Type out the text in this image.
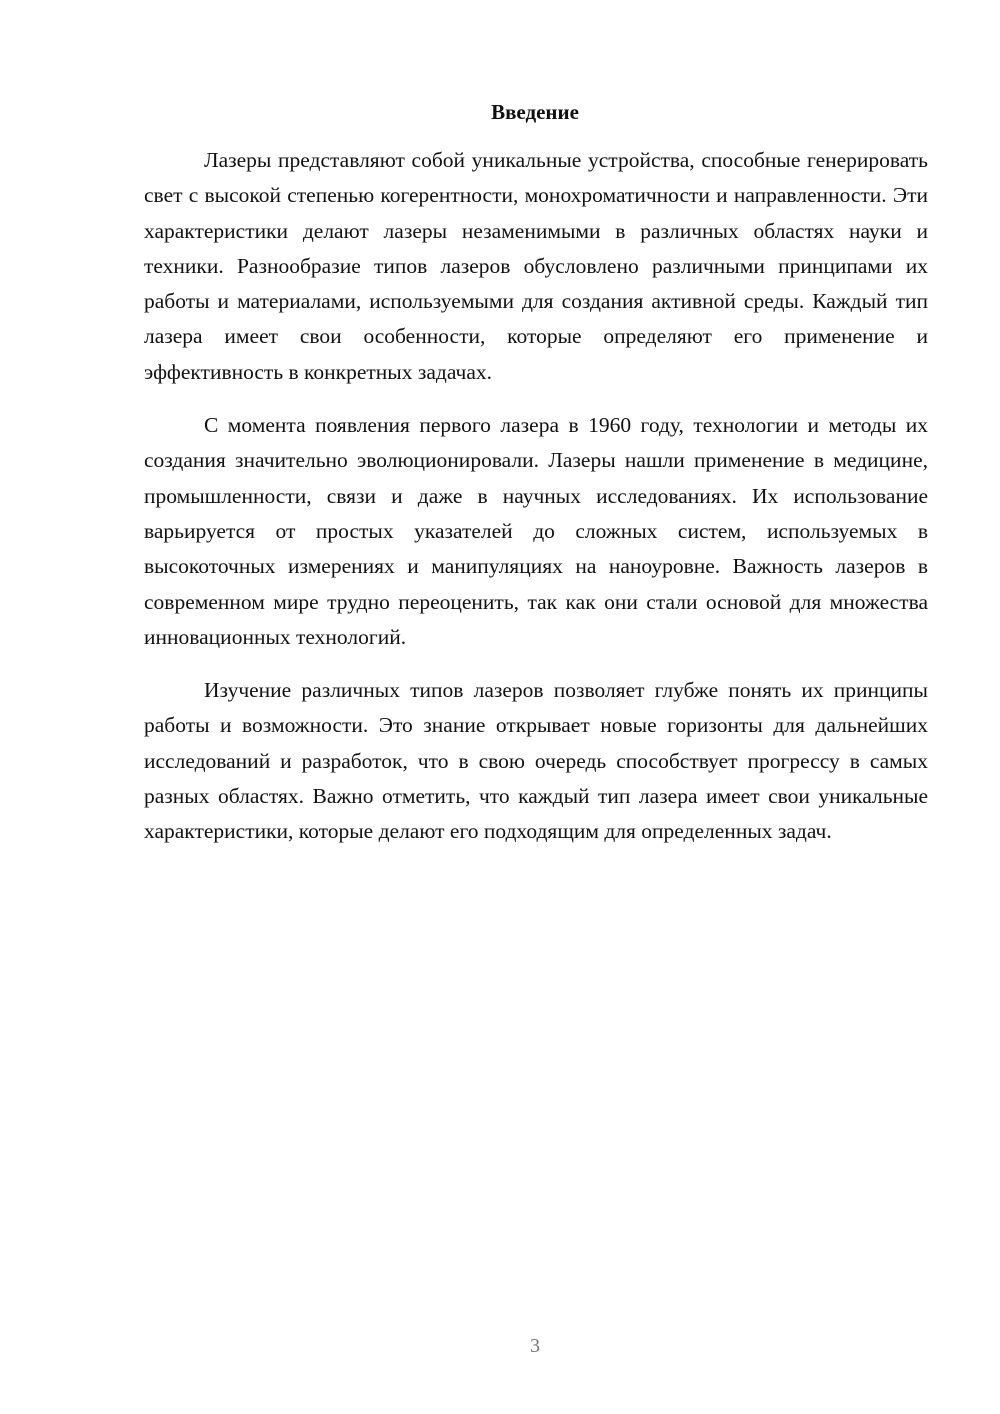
Введение

Лазеры представляют собой уникальные устройства, способные генерировать свет с высокой степенью когерентности, монохроматичности и направленности. Эти характеристики делают лазеры незаменимыми в различных областях науки и техники. Разнообразие типов лазеров обусловлено различными принципами их работы и материалами, используемыми для создания активной среды. Каждый тип лазера имеет свои особенности, которые определяют его применение и эффективность в конкретных задачах.

С момента появления первого лазера в 1960 году, технологии и методы их создания значительно эволюционировали. Лазеры нашли применение в медицине, промышленности, связи и даже в научных исследованиях. Их использование варьируется от простых указателей до сложных систем, используемых в высокоточных измерениях и манипуляциях на наноуровне. Важность лазеров в современном мире трудно переоценить, так как они стали основой для множества инновационных технологий.

Изучение различных типов лазеров позволяет глубже понять их принципы работы и возможности. Это знание открывает новые горизонты для дальнейших исследований и разработок, что в свою очередь способствует прогрессу в самых разных областях. Важно отметить, что каждый тип лазера имеет свои уникальные характеристики, которые делают его подходящим для определенных задач.

3
